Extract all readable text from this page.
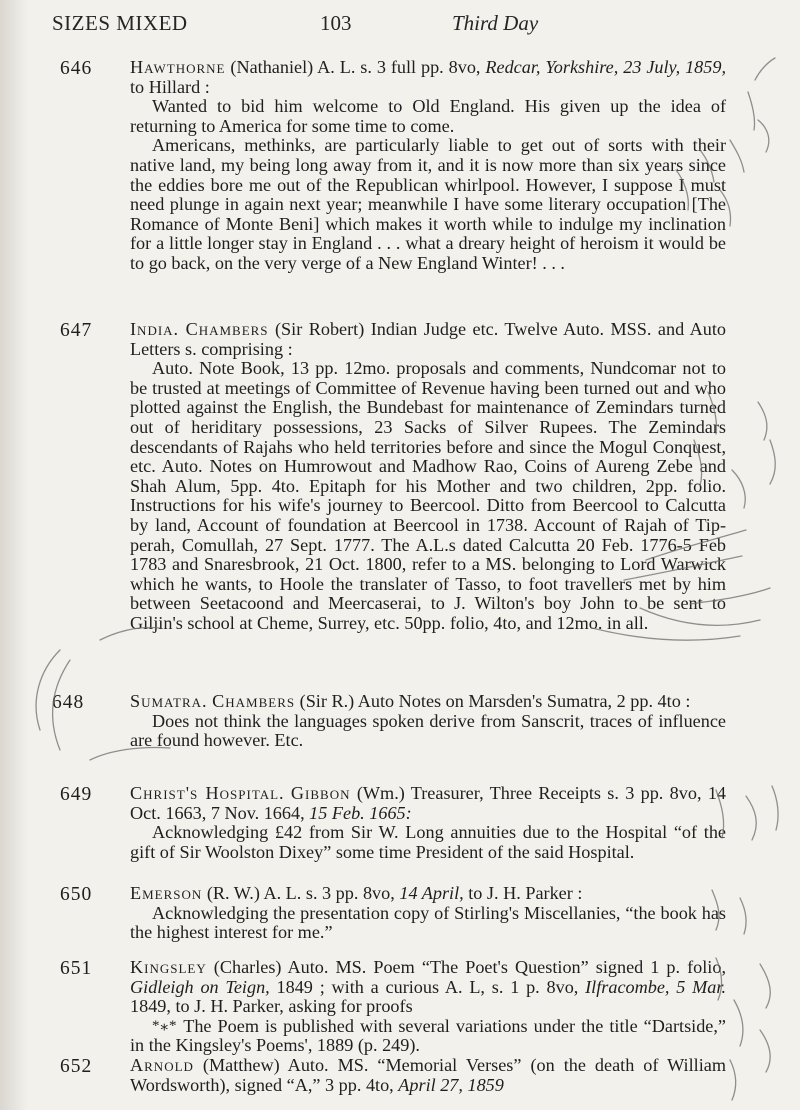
SIZES MIXED	103	Third Day
646 Hawthorne (Nathaniel) A. L. s. 3 full pp. 8vo, Redcar, Yorkshire, 23 July, 1859, to Hillard :

Wanted to bid him welcome to Old England. His given up the idea of returning to America for some time to come.

Americans, methinks, are particularly liable to get out of sorts with their native land, my being long away from it, and it is now more than six years since the eddies bore me out of the Republican whirlpool. However, I suppose I must need plunge in again next year; meanwhile I have some literary occupation [The Romance of Monte Beni] which makes it worth while to indulge my inclination for a little longer stay in England . . . what a dreary height of heroism it would be to go back, on the very verge of a New England Winter! . . .

647 India. Chambers (Sir Robert) Indian Judge etc. Twelve Auto. MSS. and Auto Letters s. comprising :

Auto. Note Book, 13 pp. 12mo. proposals and comments, Nundcomar not to be trusted at meetings of Committee of Revenue having been turned out and who plotted against the English, the Bundebast for maintenance of Zemindars turned out of heriditary possessions, 23 Sacks of Silver Rupees. The Zemindars descendants of Rajahs who held territories before and since the Mogul Conquest, etc. Auto. Notes on Humrowout and Madhow Rao, Coins of Aureng Zebe and Shah Alum, 5pp. 4to. Epitaph for his Mother and two children, 2pp. folio. Instructions for his wife's journey to Beercool. Ditto from Beercool to Calcutta by land, Account of foundation at Beercool in 1738. Account of Rajah of Tip-perah, Comullah, 27 Sept. 1777. The A.L.s dated Calcutta 20 Feb. 1776-5 Feb 1783 and Snaresbrook, 21 Oct. 1800, refer to a MS. belonging to Lord Warwick which he wants, to Hoole the translater of Tasso, to foot travellers met by him between Seetacoond and Meercaserai, to J. Wilton's boy John to be sent to Giljin's school at Cheme, Surrey, etc. 50pp. folio, 4to, and 12mo. in all.

648	Sumatra. Chambers (Sir R.) Auto Notes on Marsden's Sumatra, 2 pp. 4to :

Does not think the languages spoken derive from Sanscrit, traces of influence are found however. Etc.

649 Christ's Hospital. Gibbon (Wm.) Treasurer, Three Receipts s. 3 pp. 8vo, 14 Oct. 1663, 7 Nov. 1664, 15 Feb. 1665:

Acknowledging £42 from Sir W. Long annuities due to the Hospital “of the gift of Sir Woolston Dixey” some time President of the said Hospital.

650 Emerson (R. W.) A. L. s. 3 pp. 8vo, 14 April, to J. H. Parker :

Acknowledging the presentation copy of Stirling's Miscellanies, “the book has the highest interest for me.”

651 Kingsley (Charles) Auto. MS. Poem “The Poet's Question” signed 1 p. folio, Gidleigh on Teign, 1849 ; with a curious A. L, s. 1 p. 8vo, Ilfracombe, 5 Mar. 1849, to J. H. Parker, asking for proofs

*⁎* The Poem is published with several variations under the title “Dartside,” in the Kingsley's Poems', 1889 (p. 249).

652 Arnold (Matthew) Auto. MS. “Memorial Verses” (on the death of William Wordsworth), signed “A,” 3 pp. 4to, April 27, 1859
